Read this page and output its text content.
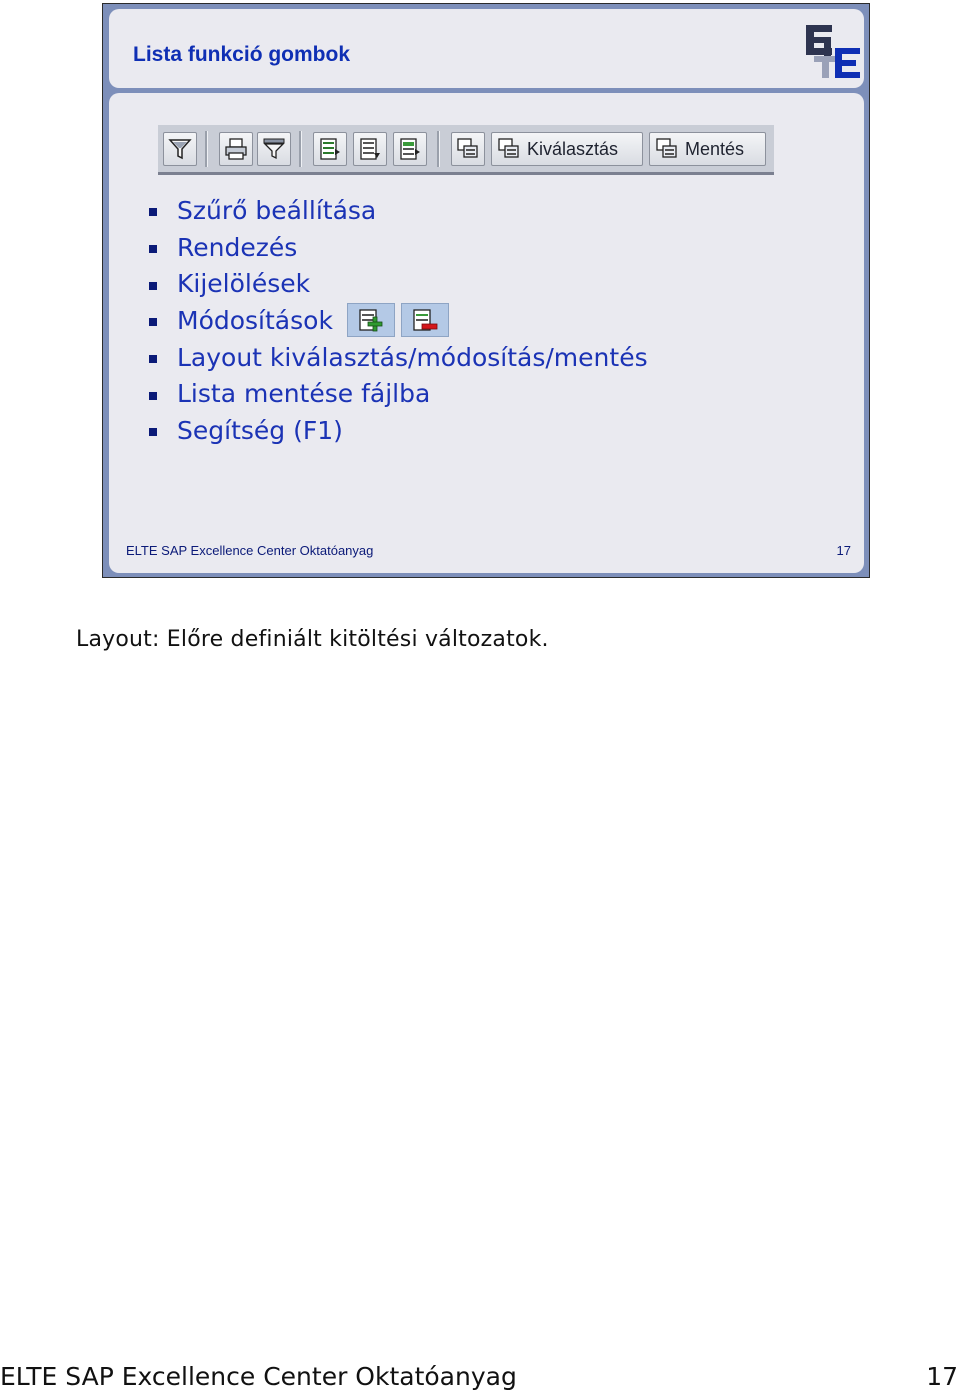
Lista funkció gombok
Kiválasztás	Mentés
Szűrő beállítása
Rendezés
Kijelölések
Módosítások
Layout kiválasztás/módosítás/mentés
Lista mentése fájlba
Segítség (F1)
ELTE SAP Excellence Center Oktatóanyag	17
Layout: Előre definiált kitöltési változatok.
ELTE SAP Excellence Center Oktatóanyag	17
